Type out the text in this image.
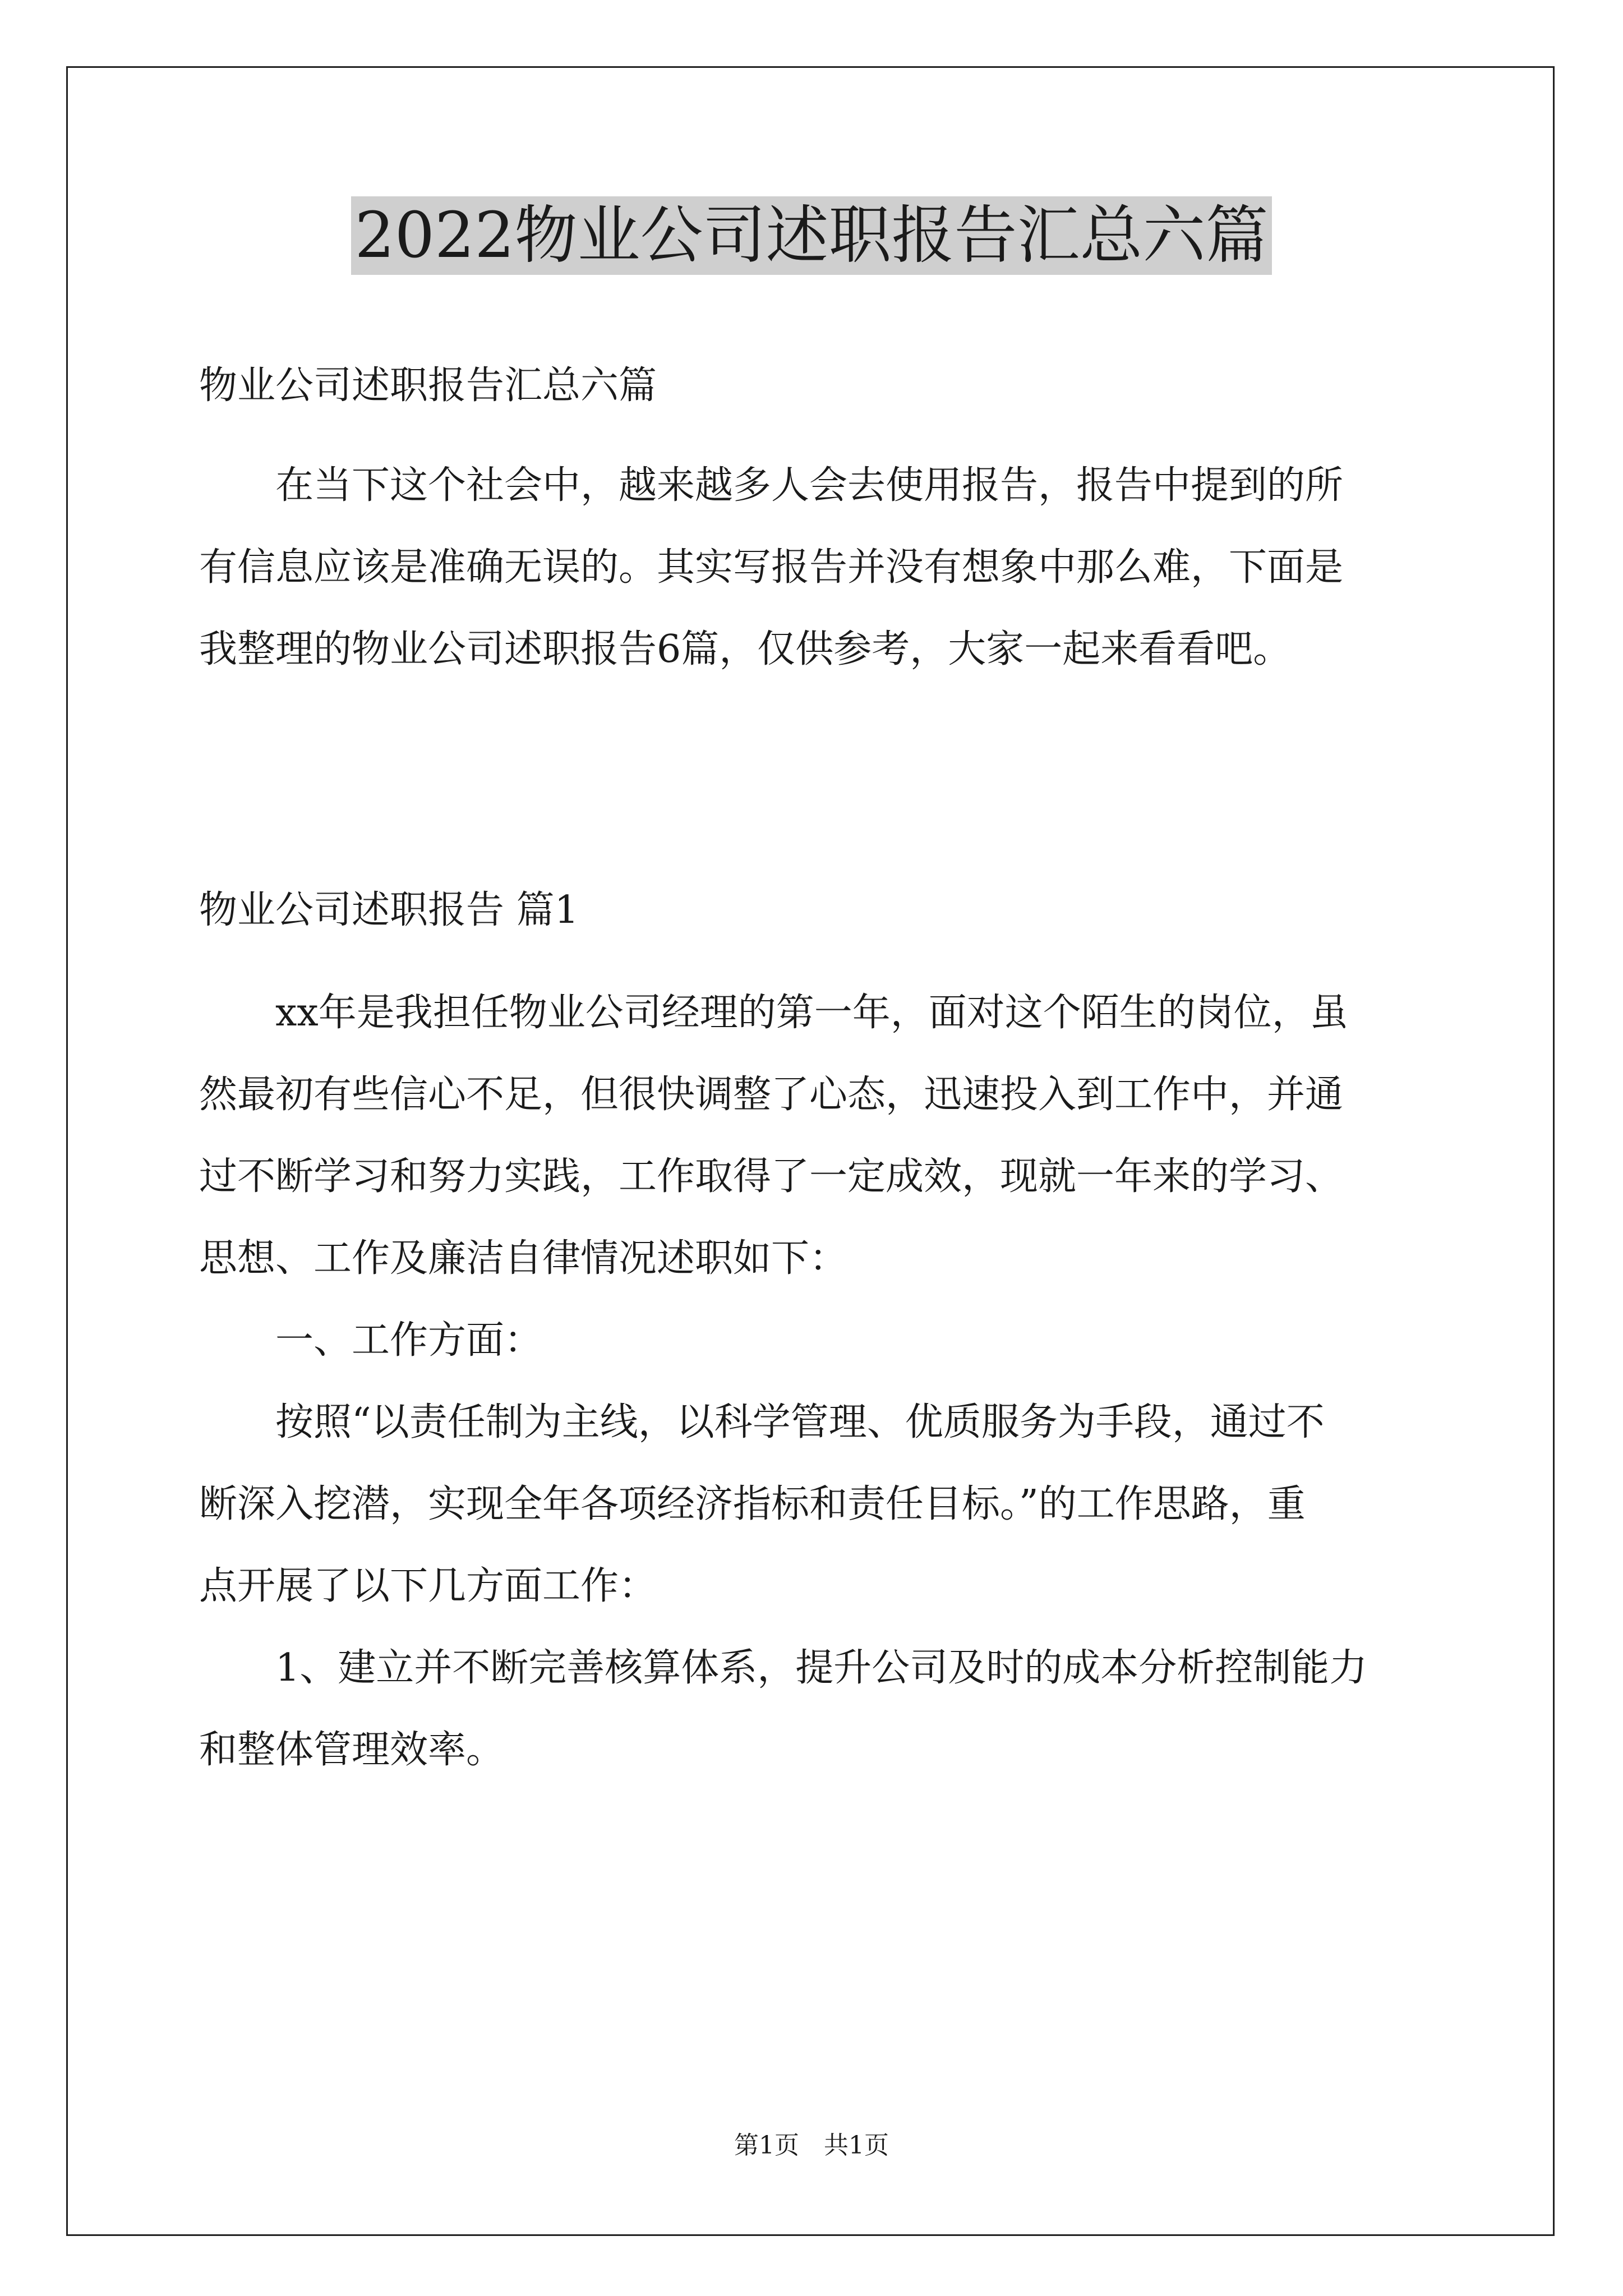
2022物业公司述职报告汇总六篇
物业公司述职报告汇总六篇
　　在当下这个社会中，越来越多人会去使用报告，报告中提到的所
有信息应该是准确无误的。其实写报告并没有想象中那么难，下面是
我整理的物业公司述职报告6篇，仅供参考，大家一起来看看吧。
物业公司述职报告 篇1
　　xx年是我担任物业公司经理的第一年，面对这个陌生的岗位，虽
然最初有些信心不足，但很快调整了心态，迅速投入到工作中，并通
过不断学习和努力实践，工作取得了一定成效，现就一年来的学习、
思想、工作及廉洁自律情况述职如下：
　　一、工作方面：
　　按照“以责任制为主线，以科学管理、优质服务为手段，通过不
断深入挖潜，实现全年各项经济指标和责任目标。”的工作思路，重
点开展了以下几方面工作：
　　1、建立并不断完善核算体系，提升公司及时的成本分析控制能力
和整体管理效率。
第1页　共1页
